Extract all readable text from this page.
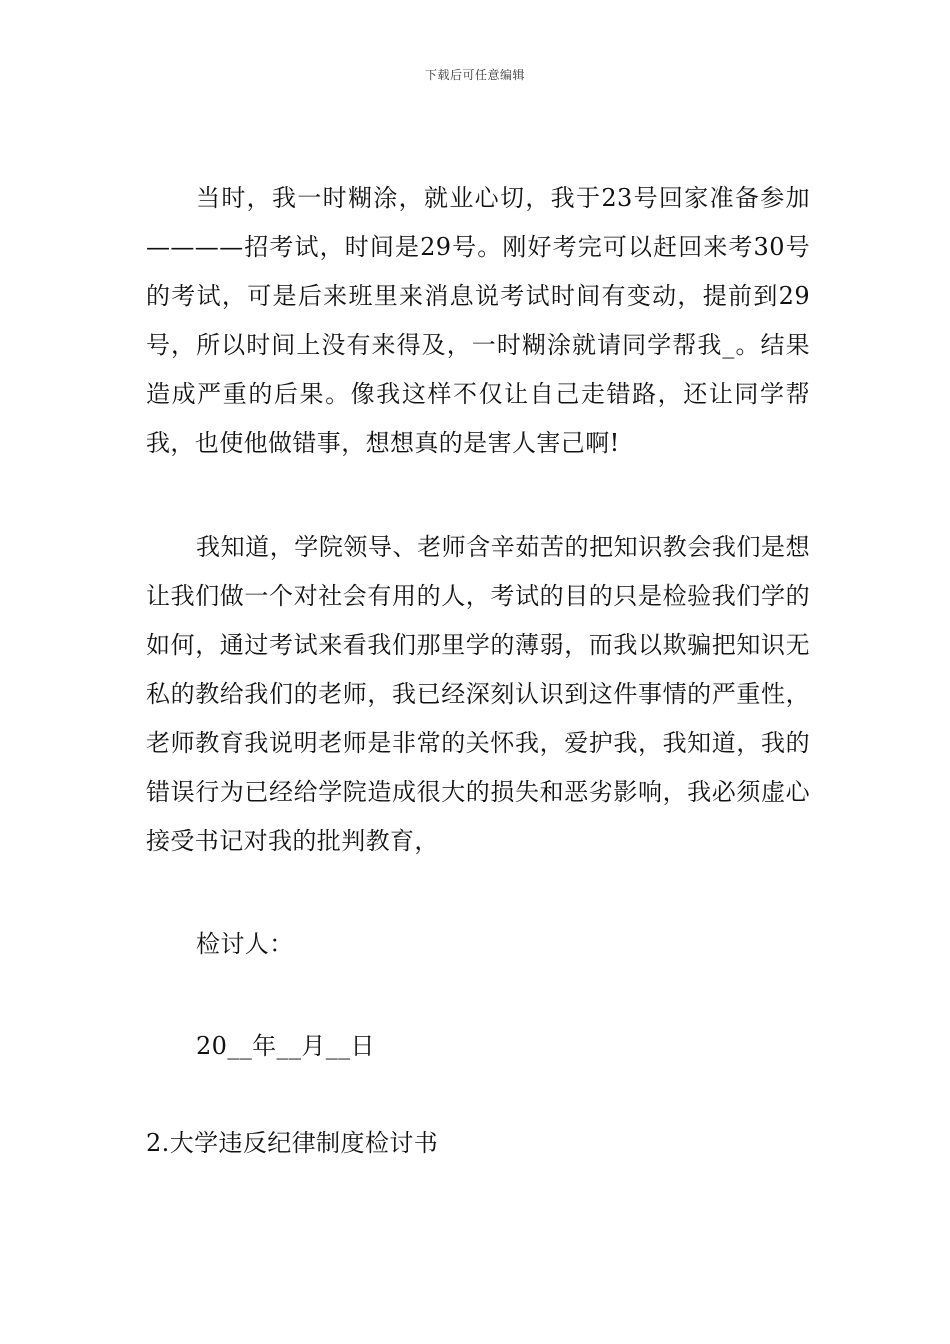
下载后可任意编辑
当时，我一时糊涂，就业心切，我于23号回家准备参加————招考试，时间是29号。刚好考完可以赶回来考30号的考试，可是后来班里来消息说考试时间有变动，提前到29号，所以时间上没有来得及，一时糊涂就请同学帮我_。结果造成严重的后果。像我这样不仅让自己走错路，还让同学帮我，也使他做错事，想想真的是害人害己啊!
我知道，学院领导、老师含辛茹苦的把知识教会我们是想让我们做一个对社会有用的人，考试的目的只是检验我们学的如何，通过考试来看我们那里学的薄弱，而我以欺骗把知识无私的教给我们的老师，我已经深刻认识到这件事情的严重性，老师教育我说明老师是非常的关怀我，爱护我，我知道，我的错误行为已经给学院造成很大的损失和恶劣影响，我必须虚心接受书记对我的批判教育，
检讨人：
20__年__月__日
2.大学违反纪律制度检讨书
